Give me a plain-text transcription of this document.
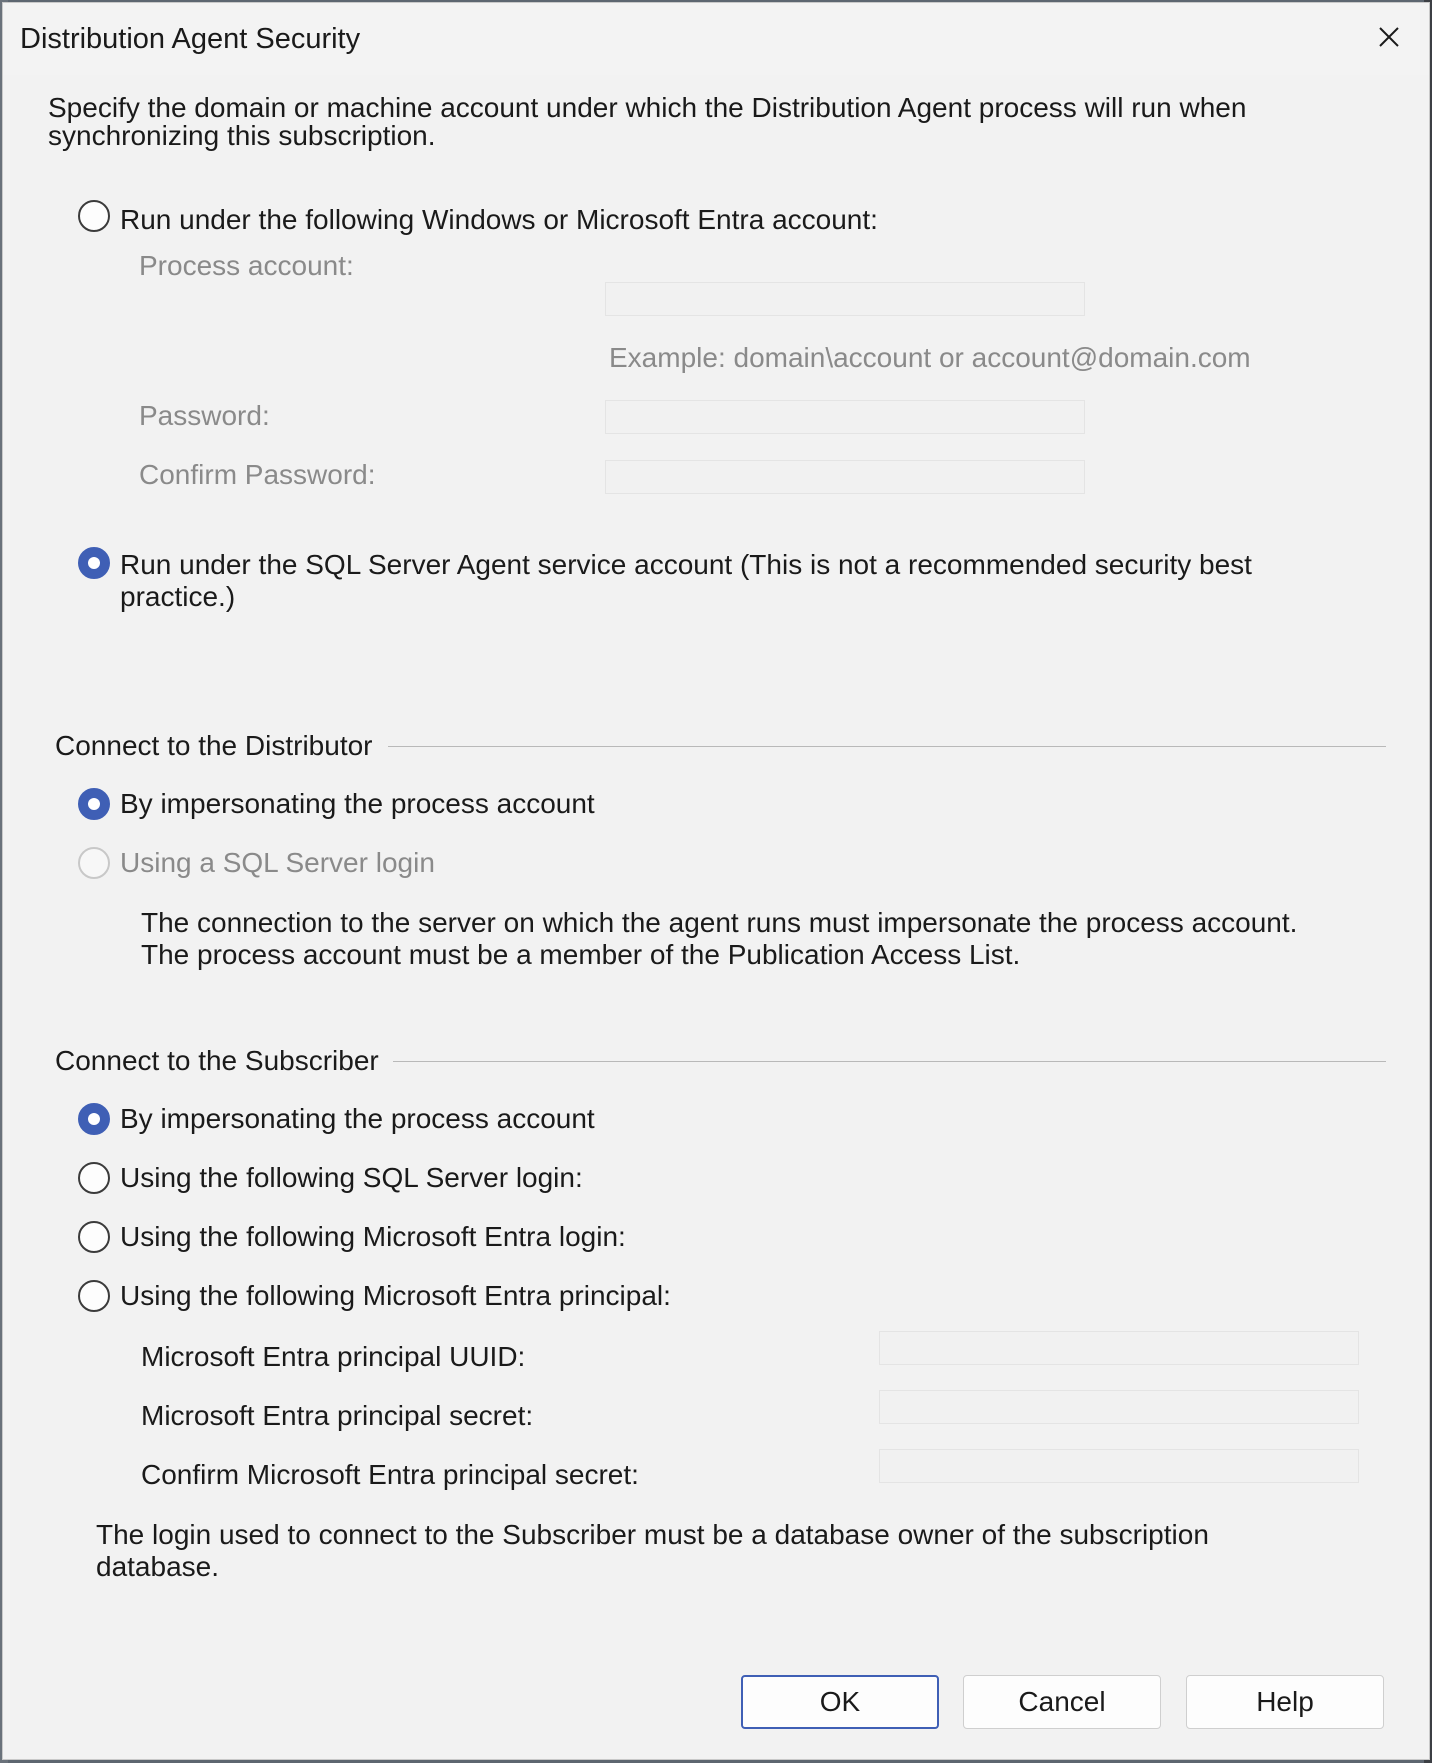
Distribution Agent Security
Specify the domain or machine account under which the Distribution Agent process will run when
synchronizing this subscription.
Run under the following Windows or Microsoft Entra account:
Process account:
Example: domain\account or account@domain.com
Password:
Confirm Password:
Run under the SQL Server Agent service account (This is not a recommended security best
practice.)
Connect to the Distributor
By impersonating the process account
Using a SQL Server login
The connection to the server on which the agent runs must impersonate the process account.
The process account must be a member of the Publication Access List.
Connect to the Subscriber
By impersonating the process account
Using the following SQL Server login:
Using the following Microsoft Entra login:
Using the following Microsoft Entra principal:
Microsoft Entra principal UUID:
Microsoft Entra principal secret:
Confirm Microsoft Entra principal secret:
The login used to connect to the Subscriber must be a database owner of the subscription
database.
OK	Cancel	Help
